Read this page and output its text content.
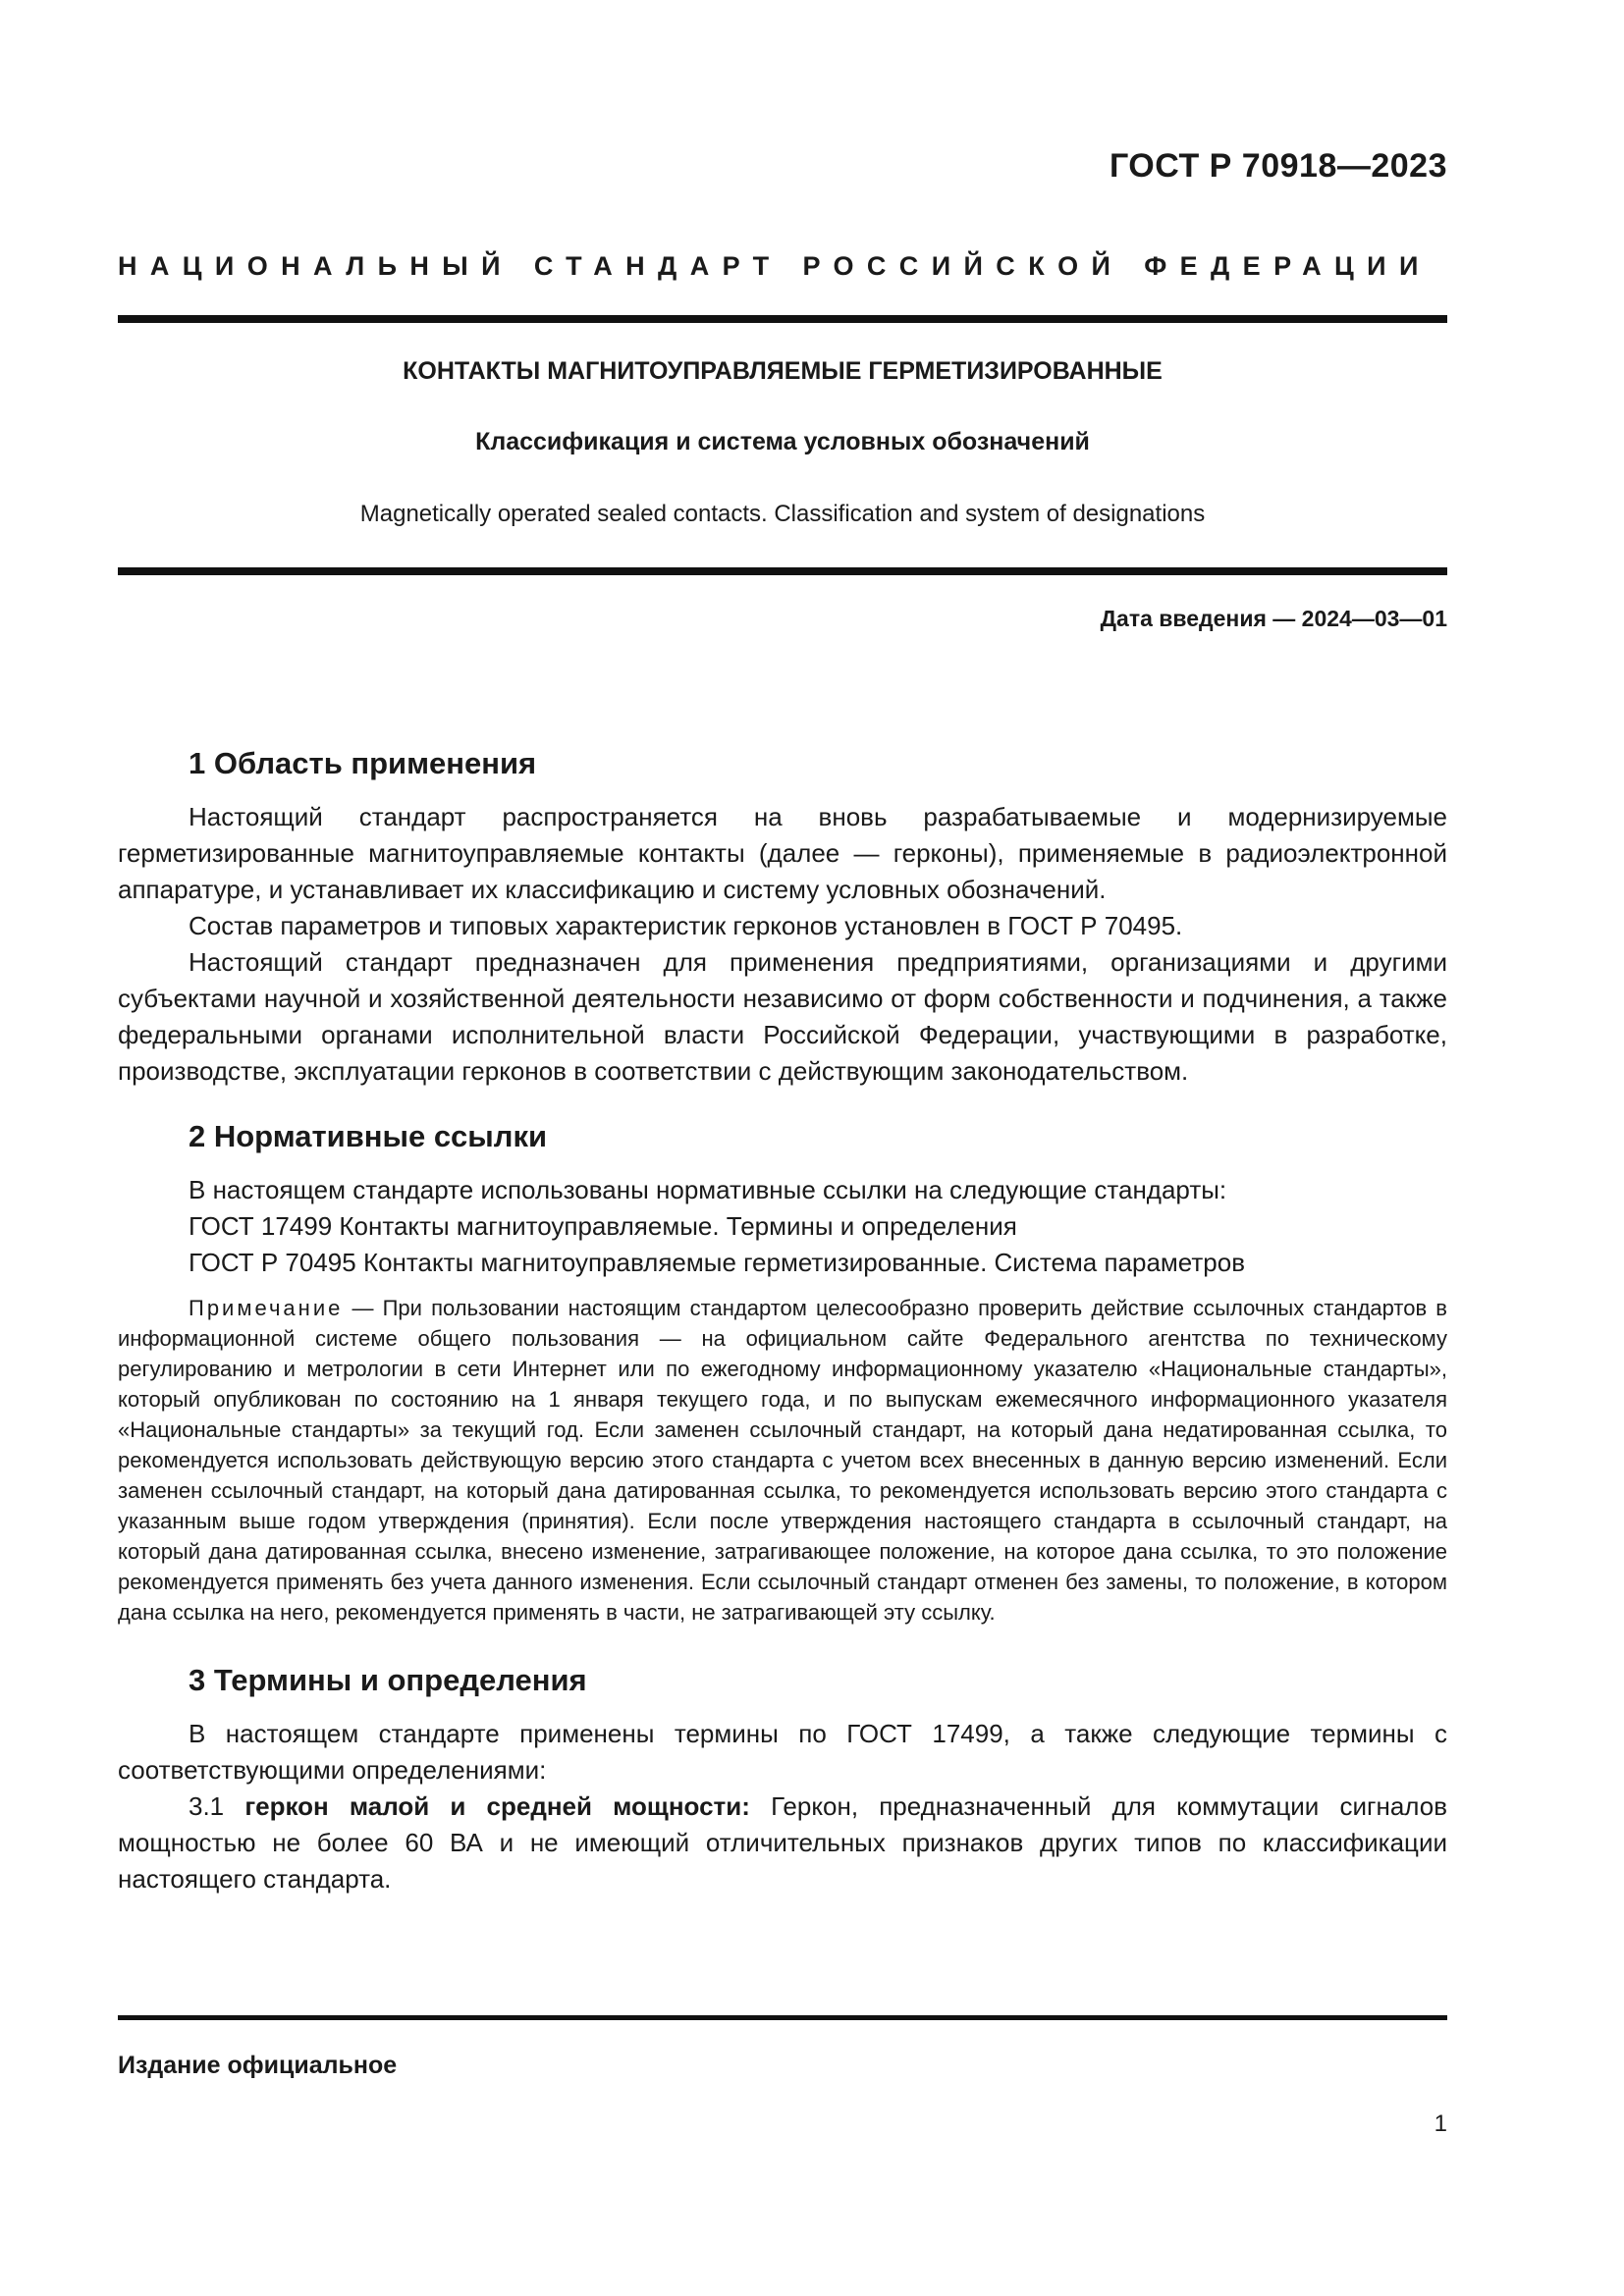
ГОСТ Р 70918—2023
НАЦИОНАЛЬНЫЙ СТАНДАРТ РОССИЙСКОЙ ФЕДЕРАЦИИ
КОНТАКТЫ МАГНИТОУПРАВЛЯЕМЫЕ ГЕРМЕТИЗИРОВАННЫЕ
Классификация и система условных обозначений
Magnetically operated sealed contacts. Classification and system of designations
Дата введения — 2024—03—01
1 Область применения

Настоящий стандарт распространяется на вновь разрабатываемые и модернизируемые герметизированные магнитоуправляемые контакты (далее — герконы), применяемые в радиоэлектронной аппаратуре, и устанавливает их классификацию и систему условных обозначений.

Состав параметров и типовых характеристик герконов установлен в ГОСТ Р 70495.

Настоящий стандарт предназначен для применения предприятиями, организациями и другими субъектами научной и хозяйственной деятельности независимо от форм собственности и подчинения, а также федеральными органами исполнительной власти Российской Федерации, участвующими в разработке, производстве, эксплуатации герконов в соответствии с действующим законодательством.

2 Нормативные ссылки
В настоящем стандарте использованы нормативные ссылки на следующие стандарты:
ГОСТ 17499 Контакты магнитоуправляемые. Термины и определения
ГОСТ Р 70495 Контакты магнитоуправляемые герметизированные. Система параметров
Примечание — При пользовании настоящим стандартом целесообразно проверить действие ссылочных стандартов в информационной системе общего пользования — на официальном сайте Федерального агентства по техническому регулированию и метрологии в сети Интернет или по ежегодному информационному указателю «Национальные стандарты», который опубликован по состоянию на 1 января текущего года, и по выпускам ежемесячного информационного указателя «Национальные стандарты» за текущий год. Если заменен ссылочный стандарт, на который дана недатированная ссылка, то рекомендуется использовать действующую версию этого стандарта с учетом всех внесенных в данную версию изменений. Если заменен ссылочный стандарт, на который дана датированная ссылка, то рекомендуется использовать версию этого стандарта с указанным выше годом утверждения (принятия). Если после утверждения настоящего стандарта в ссылочный стандарт, на который дана датированная ссылка, внесено изменение, затрагивающее положение, на которое дана ссылка, то это положение рекомендуется применять без учета данного изменения. Если ссылочный стандарт отменен без замены, то положение, в котором дана ссылка на него, рекомендуется применять в части, не затрагивающей эту ссылку.
3 Термины и определения

В настоящем стандарте применены термины по ГОСТ 17499, а также следующие термины с соответствующими определениями:

3.1 геркон малой и средней мощности: Геркон, предназначенный для коммутации сигналов мощностью не более 60 ВА и не имеющий отличительных признаков других типов по классификации настоящего стандарта.

Издание официальное
1
